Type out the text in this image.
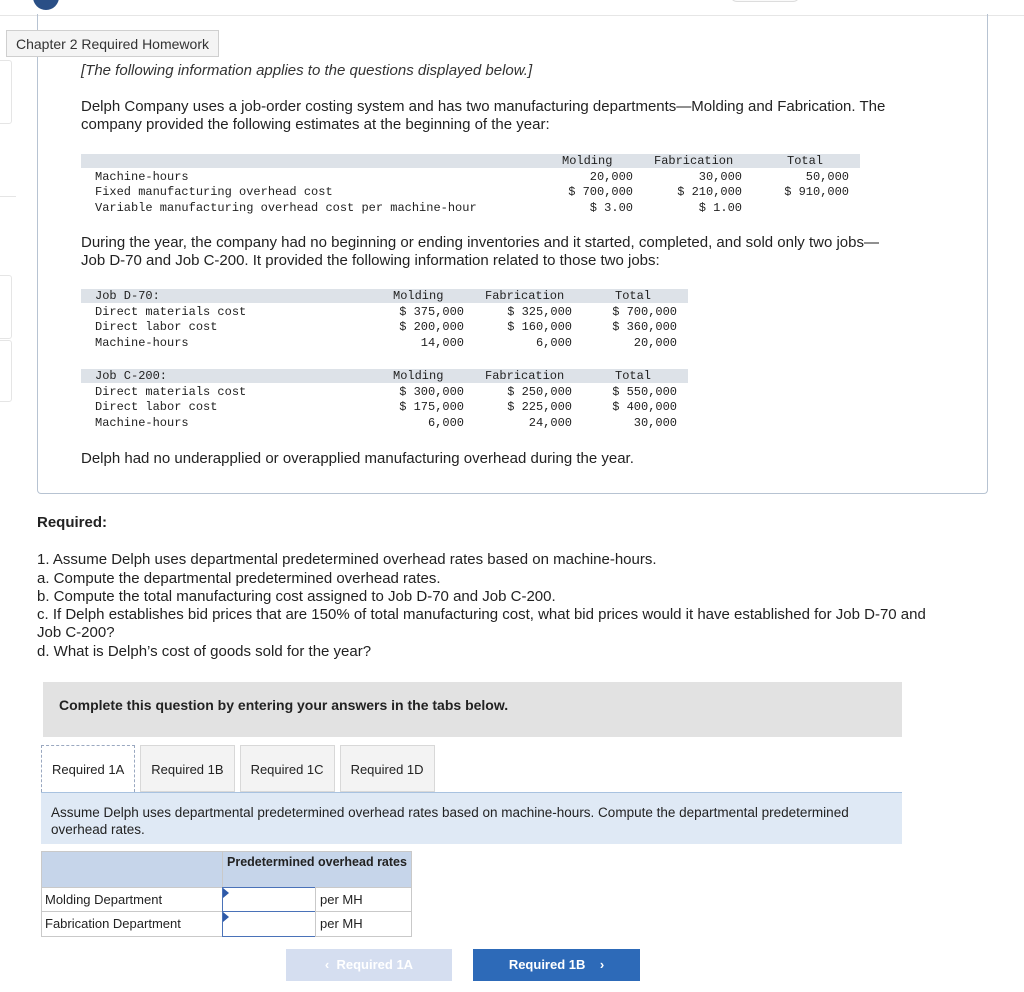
Chapter 2 Required Homework
[The following information applies to the questions displayed below.]
Delph Company uses a job-order costing system and has two manufacturing departments—Molding and Fabrication. The
company provided the following estimates at the beginning of the year:
Molding	Fabrication	Total
Machine-hours	20,000	30,000	50,000
Fixed manufacturing overhead cost	$ 700,000	$ 210,000	$ 910,000
Variable manufacturing overhead cost per machine-hour	$ 3.00	$ 1.00
During the year, the company had no beginning or ending inventories and it started, completed, and sold only two jobs—
Job D-70 and Job C-200. It provided the following information related to those two jobs:
Job D-70:	Molding	Fabrication	Total
Direct materials cost	$ 375,000	$ 325,000	$ 700,000
Direct labor cost	$ 200,000	$ 160,000	$ 360,000
Machine-hours	14,000	6,000	20,000
Job C-200:	Molding	Fabrication	Total
Direct materials cost	$ 300,000	$ 250,000	$ 550,000
Direct labor cost	$ 175,000	$ 225,000	$ 400,000
Machine-hours	6,000	24,000	30,000
Delph had no underapplied or overapplied manufacturing overhead during the year.
Required:
1. Assume Delph uses departmental predetermined overhead rates based on machine-hours.
a. Compute the departmental predetermined overhead rates.
b. Compute the total manufacturing cost assigned to Job D-70 and Job C-200.
c. If Delph establishes bid prices that are 150% of total manufacturing cost, what bid prices would it have established for Job D-70 and
Job C-200?
d. What is Delph’s cost of goods sold for the year?
Complete this question by entering your answers in the tabs below.
Required 1A	Required 1B	Required 1C	Required 1D
Assume Delph uses departmental predetermined overhead rates based on machine-hours. Compute the departmental predetermined overhead rates.
Predetermined overhead rates
Molding Department	per MH
Fabrication Department	per MH
‹ Required 1A	Required 1B ›
